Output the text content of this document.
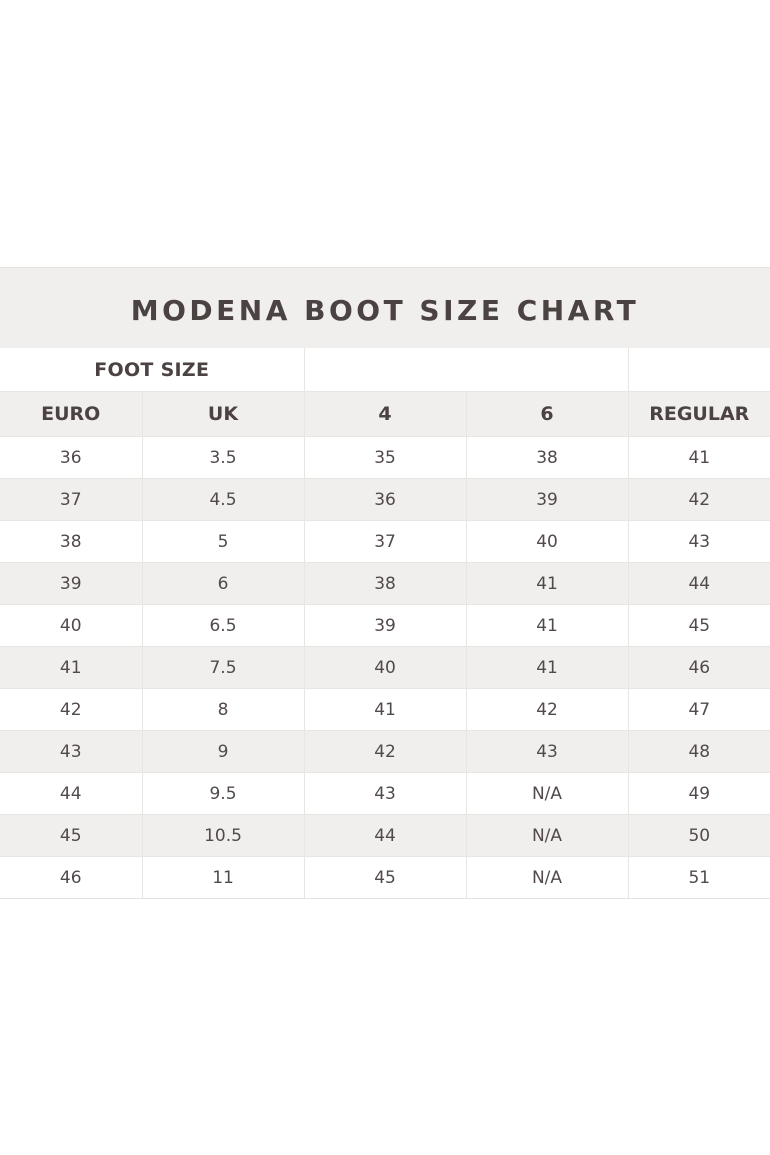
MODENA BOOT SIZE CHART
FOOT SIZE				
EURO	UK	4	6	REGULAR
36	3.5	35	38	41
37	4.5	36	39	42
38	5	37	40	43
39	6	38	41	44
40	6.5	39	41	45
41	7.5	40	41	46
42	8	41	42	47
43	9	42	43	48
44	9.5	43	N/A	49
45	10.5	44	N/A	50
46	11	45	N/A	51
